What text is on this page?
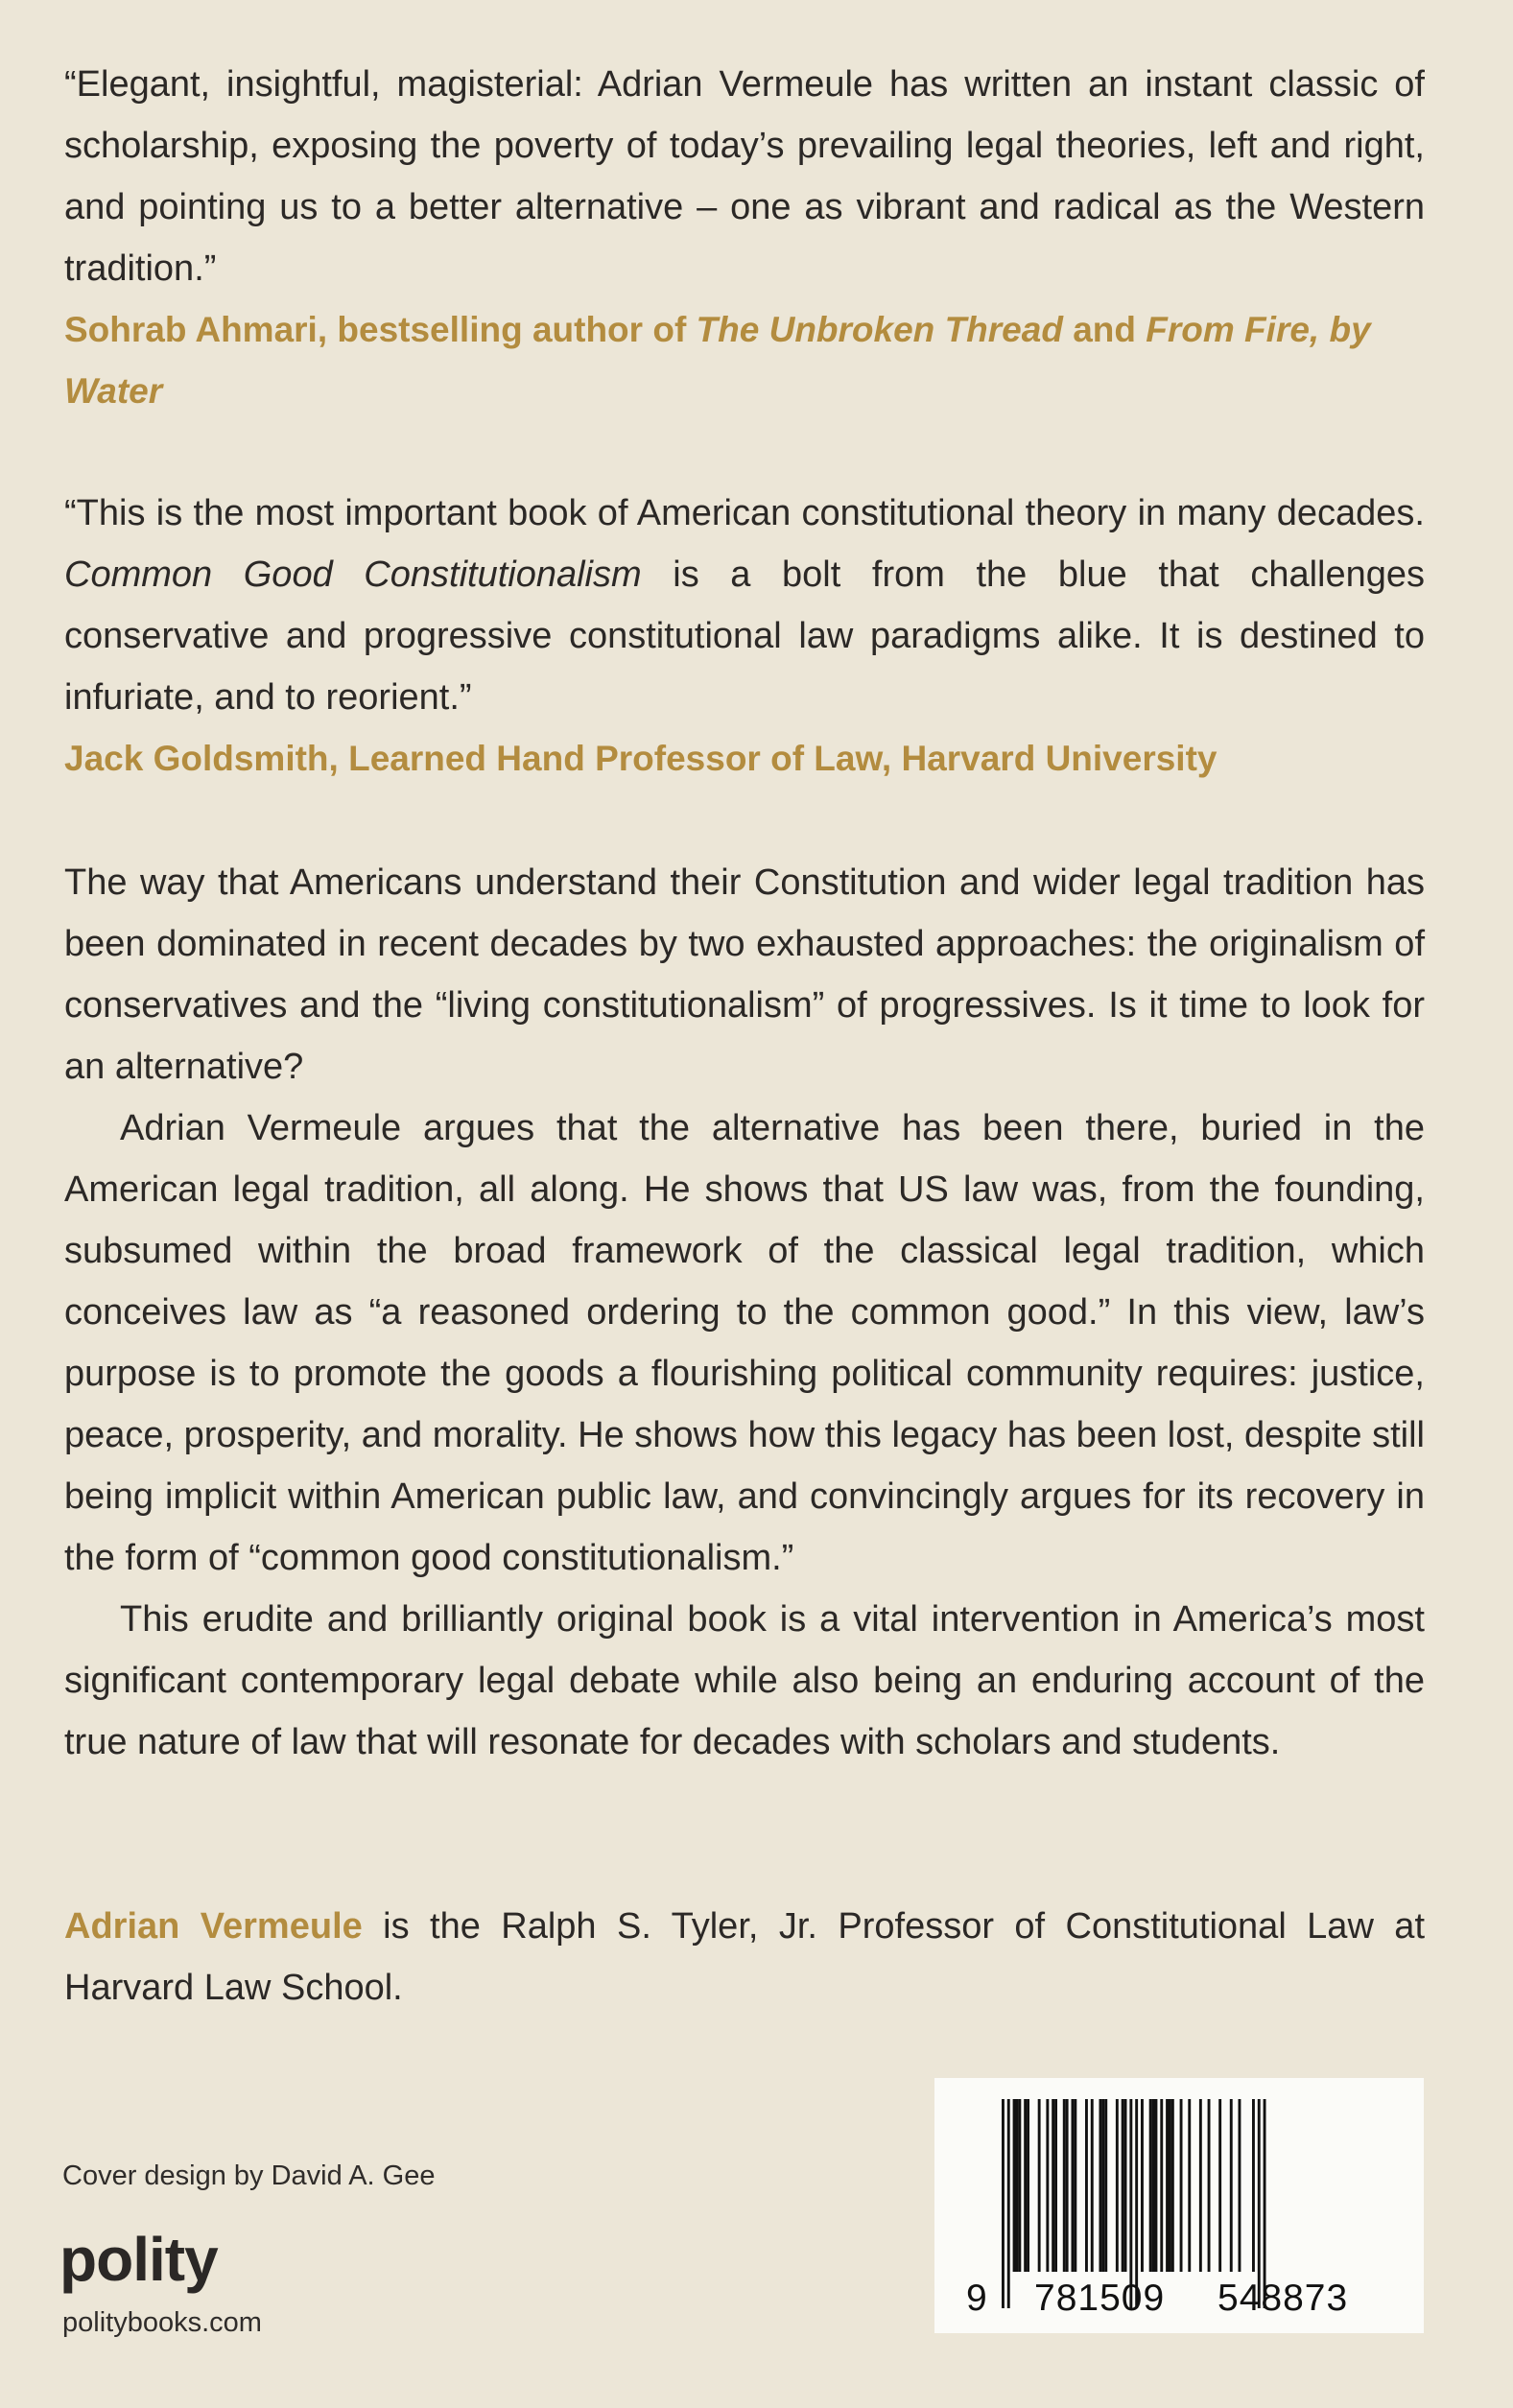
“Elegant, insightful, magisterial: Adrian Vermeule has written an instant classic of scholarship, exposing the poverty of today’s prevailing legal theories, left and right, and pointing us to a better alternative – one as vibrant and radical as the Western tradition.”

Sohrab Ahmari, bestselling author of The Unbroken Thread and From Fire, by Water

“This is the most important book of American constitutional theory in many decades. Common Good Constitutionalism is a bolt from the blue that challenges conservative and progressive constitutional law paradigms alike. It is destined to infuriate, and to reorient.”

Jack Goldsmith, Learned Hand Professor of Law, Harvard University

The way that Americans understand their Constitution and wider legal tradition has been dominated in recent decades by two exhausted approaches: the originalism of conservatives and the “living constitutionalism” of progressives. Is it time to look for an alternative?

Adrian Vermeule argues that the alternative has been there, buried in the American legal tradition, all along. He shows that US law was, from the founding, subsumed within the broad framework of the classical legal tradition, which conceives law as “a reasoned ordering to the common good.” In this view, law’s purpose is to promote the goods a flourishing political community requires: justice, peace, prosperity, and morality. He shows how this legacy has been lost, despite still being implicit within American public law, and convincingly argues for its recovery in the form of “common good constitutionalism.”

This erudite and brilliantly original book is a vital intervention in America’s most significant contemporary legal debate while also being an enduring account of the true nature of law that will resonate for decades with scholars and students.

Adrian Vermeule is the Ralph S. Tyler, Jr. Professor of Constitutional Law at Harvard Law School.

Cover design by David A. Gee
polity
politybooks.com
9 781509 548873
